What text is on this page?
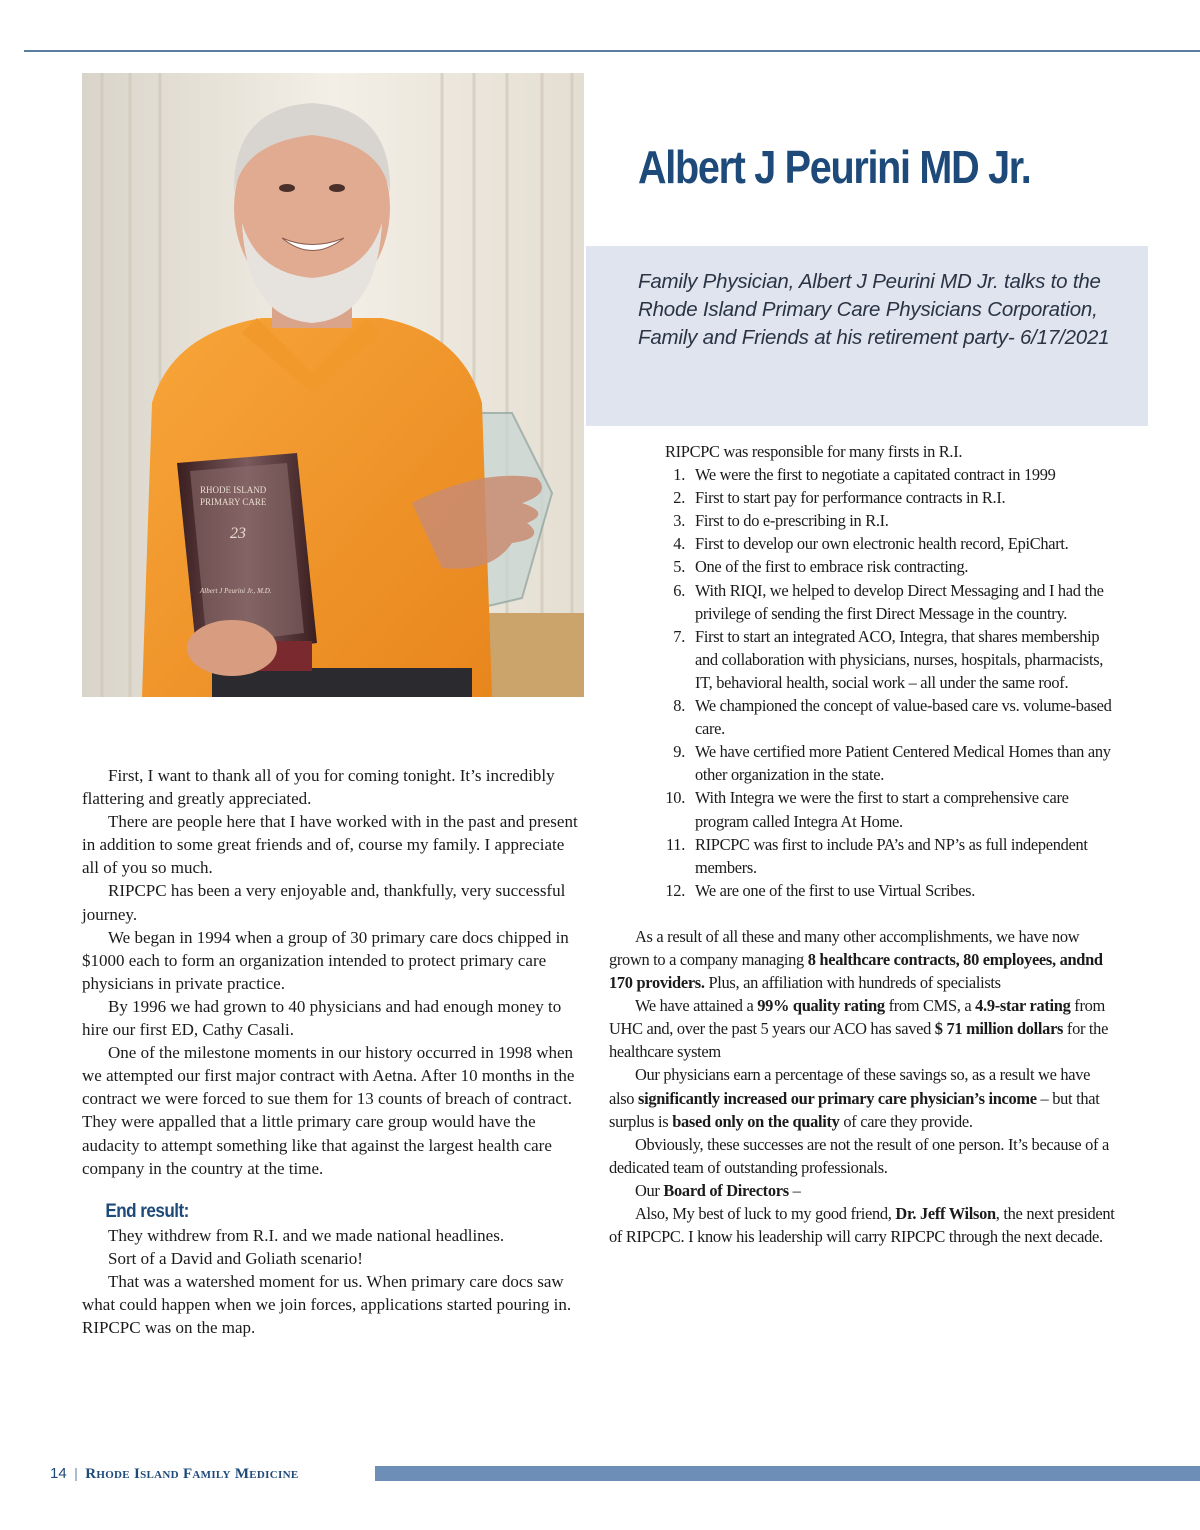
RHODE ISLAND
PRIMARY CARE
23
Albert J Peurini Jr., M.D.
Albert J Peurini MD Jr.

Family Physician, Albert J Peurini MD Jr. talks to the Rhode Island Primary Care Physicians Corporation, Family and Friends at his retirement party- 6/17/2021

First, I want to thank all of you for coming tonight. It’s incredibly flattering and greatly appreciated.

There are people here that I have worked with in the past and present in addition to some great friends and of, course my family. I appreciate all of you so much.

RIPCPC has been a very enjoyable and, thankfully, very successful journey.

We began in 1994 when a group of 30 primary care docs chipped in $1000 each to form an organization intended to protect primary care physicians in private practice.

By 1996 we had grown to 40 physicians and had enough money to hire our first ED, Cathy Casali.

One of the milestone moments in our history occurred in 1998 when we attempted our first major contract with Aetna. After 10 months in the contract we were forced to sue them for 13 counts of breach of contract. They were appalled that a little primary care group would have the audacity to attempt something like that against the largest health care company in the country at the time.

End result:

They withdrew from R.I. and we made national headlines.

Sort of a David and Goliath scenario!

That was a watershed moment for us. When primary care docs saw what could happen when we join forces, applications started pouring in. RIPCPC was on the map.

RIPCPC was responsible for many firsts in R.I.

1. We were the first to negotiate a capitated contract in 1999
2. First to start pay for performance contracts in R.I.
3. First to do e-prescribing in R.I.
4. First to develop our own electronic health record, EpiChart.
5. One of the first to embrace risk contracting.
6. With RIQI, we helped to develop Direct Messaging and I had the privilege of sending the first Direct Message in the country.
7. First to start an integrated ACO, Integra, that shares membership and collaboration with physicians, nurses, hospitals, pharmacists, IT, behavioral health, social work – all under the same roof.
8. We championed the concept of value-based care vs. volume-based care.
9. We have certified more Patient Centered Medical Homes than any other organization in the state.
10. With Integra we were the first to start a comprehensive care program called Integra At Home.
11. RIPCPC was first to include PA’s and NP’s as full independent members.
12. We are one of the first to use Virtual Scribes.

As a result of all these and many other accomplishments, we have now grown to a company managing 8 healthcare contracts, 80 employees, andnd 170 providers. Plus, an affiliation with hundreds of specialists

We have attained a 99% quality rating from CMS, a 4.9-star rating from UHC and, over the past 5 years our ACO has saved $ 71 million dollars for the healthcare system

Our physicians earn a percentage of these savings so, as a result we have also significantly increased our primary care physician’s income – but that surplus is based only on the quality of care they provide.

Obviously, these successes are not the result of one person. It’s because of a dedicated team of outstanding professionals.

Our Board of Directors –

Also, My best of luck to my good friend, Dr. Jeff Wilson, the next president of RIPCPC. I know his leadership will carry RIPCPC through the next decade.

14 | Rhode Island Family Medicine
